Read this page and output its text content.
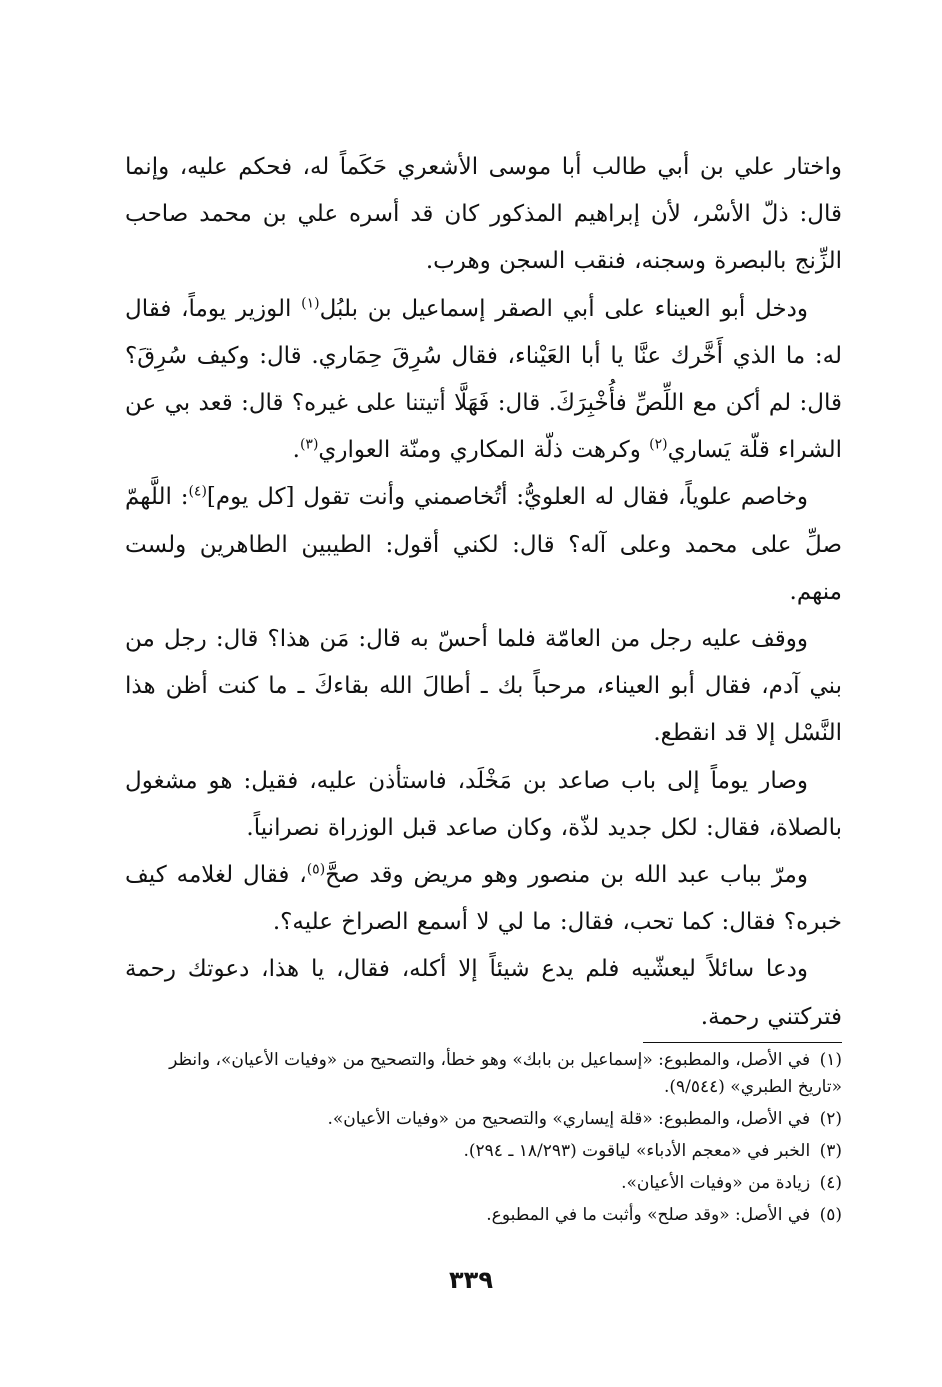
واختار علي بن أبي طالب أبا موسى الأشعري حَكَماً له، فحكم عليه، وإنما قال: ذلّ الأسْر، لأن إبراهيم المذكور كان قد أسره علي بن محمد صاحب الزِّنج بالبصرة وسجنه، فنقب السجن وهرب.

ودخل أبو العيناء على أبي الصقر إسماعيل بن بلبُل$^{(١)}$ الوزير يوماً، فقال له: ما الذي أَخَّرك عنَّا يا أبا العَيْناء، فقال سُرِقَ حِمَاري. قال: وكيف سُرِقَ؟ قال: لم أكن مع اللِّصِّ فأُخْبِرَكَ. قال: فَهَلَّا أتيتنا على غيره؟ قال: قعد بي عن الشراء قلّة يَساري$^{(٢)}$ وكرهت ذلّة المكاري ومنّة العواري$^{(٣)}$.

وخاصم علوياً، فقال له العلويُّ: أتُخاصمني وأنت تقول [كل يوم]$^{(٤)}$: اللَّهمّ صلِّ على محمد وعلى آله؟ قال: لكني أقول: الطيبين الطاهرين ولست منهم.

ووقف عليه رجل من العامّة فلما أحسّ به قال: مَن هذا؟ قال: رجل من بني آدم، فقال أبو العيناء، مرحباً بك ـ أطالَ الله بقاءكَ ـ ما كنت أظن هذا النَّسْل إلا قد انقطع.

وصار يوماً إلى باب صاعد بن مَخْلَد، فاستأذن عليه، فقيل: هو مشغول بالصلاة، فقال: لكل جديد لذّة، وكان صاعد قبل الوزراة نصرانياً.

ومرّ بباب عبد الله بن منصور وهو مريض وقد صحَّ$^{(٥)}$، فقال لغلامه كيف خبره؟ فقال: كما تحب، فقال: ما لي لا أسمع الصراخ عليه؟.

ودعا سائلاً ليعشّيه فلم يدع شيئاً إلا أكله، فقال، يا هذا، دعوتك رحمة فتركتني رحمة.

(١) في الأصل، والمطبوع: «إسماعيل بن بابك» وهو خطأ، والتصحيح من «وفيات الأعيان»، وانظر «تاريخ الطبري» (٩/٥٤٤).
(٢) في الأصل، والمطبوع: «قلة إيساري» والتصحيح من «وفيات الأعيان».
(٣) الخبر في «معجم الأدباء» لياقوت (١٨/٢٩٣ ـ ٢٩٤).
(٤) زيادة من «وفيات الأعيان».
(٥) في الأصل: «وقد صلح» وأثبت ما في المطبوع.
٣٣٩
